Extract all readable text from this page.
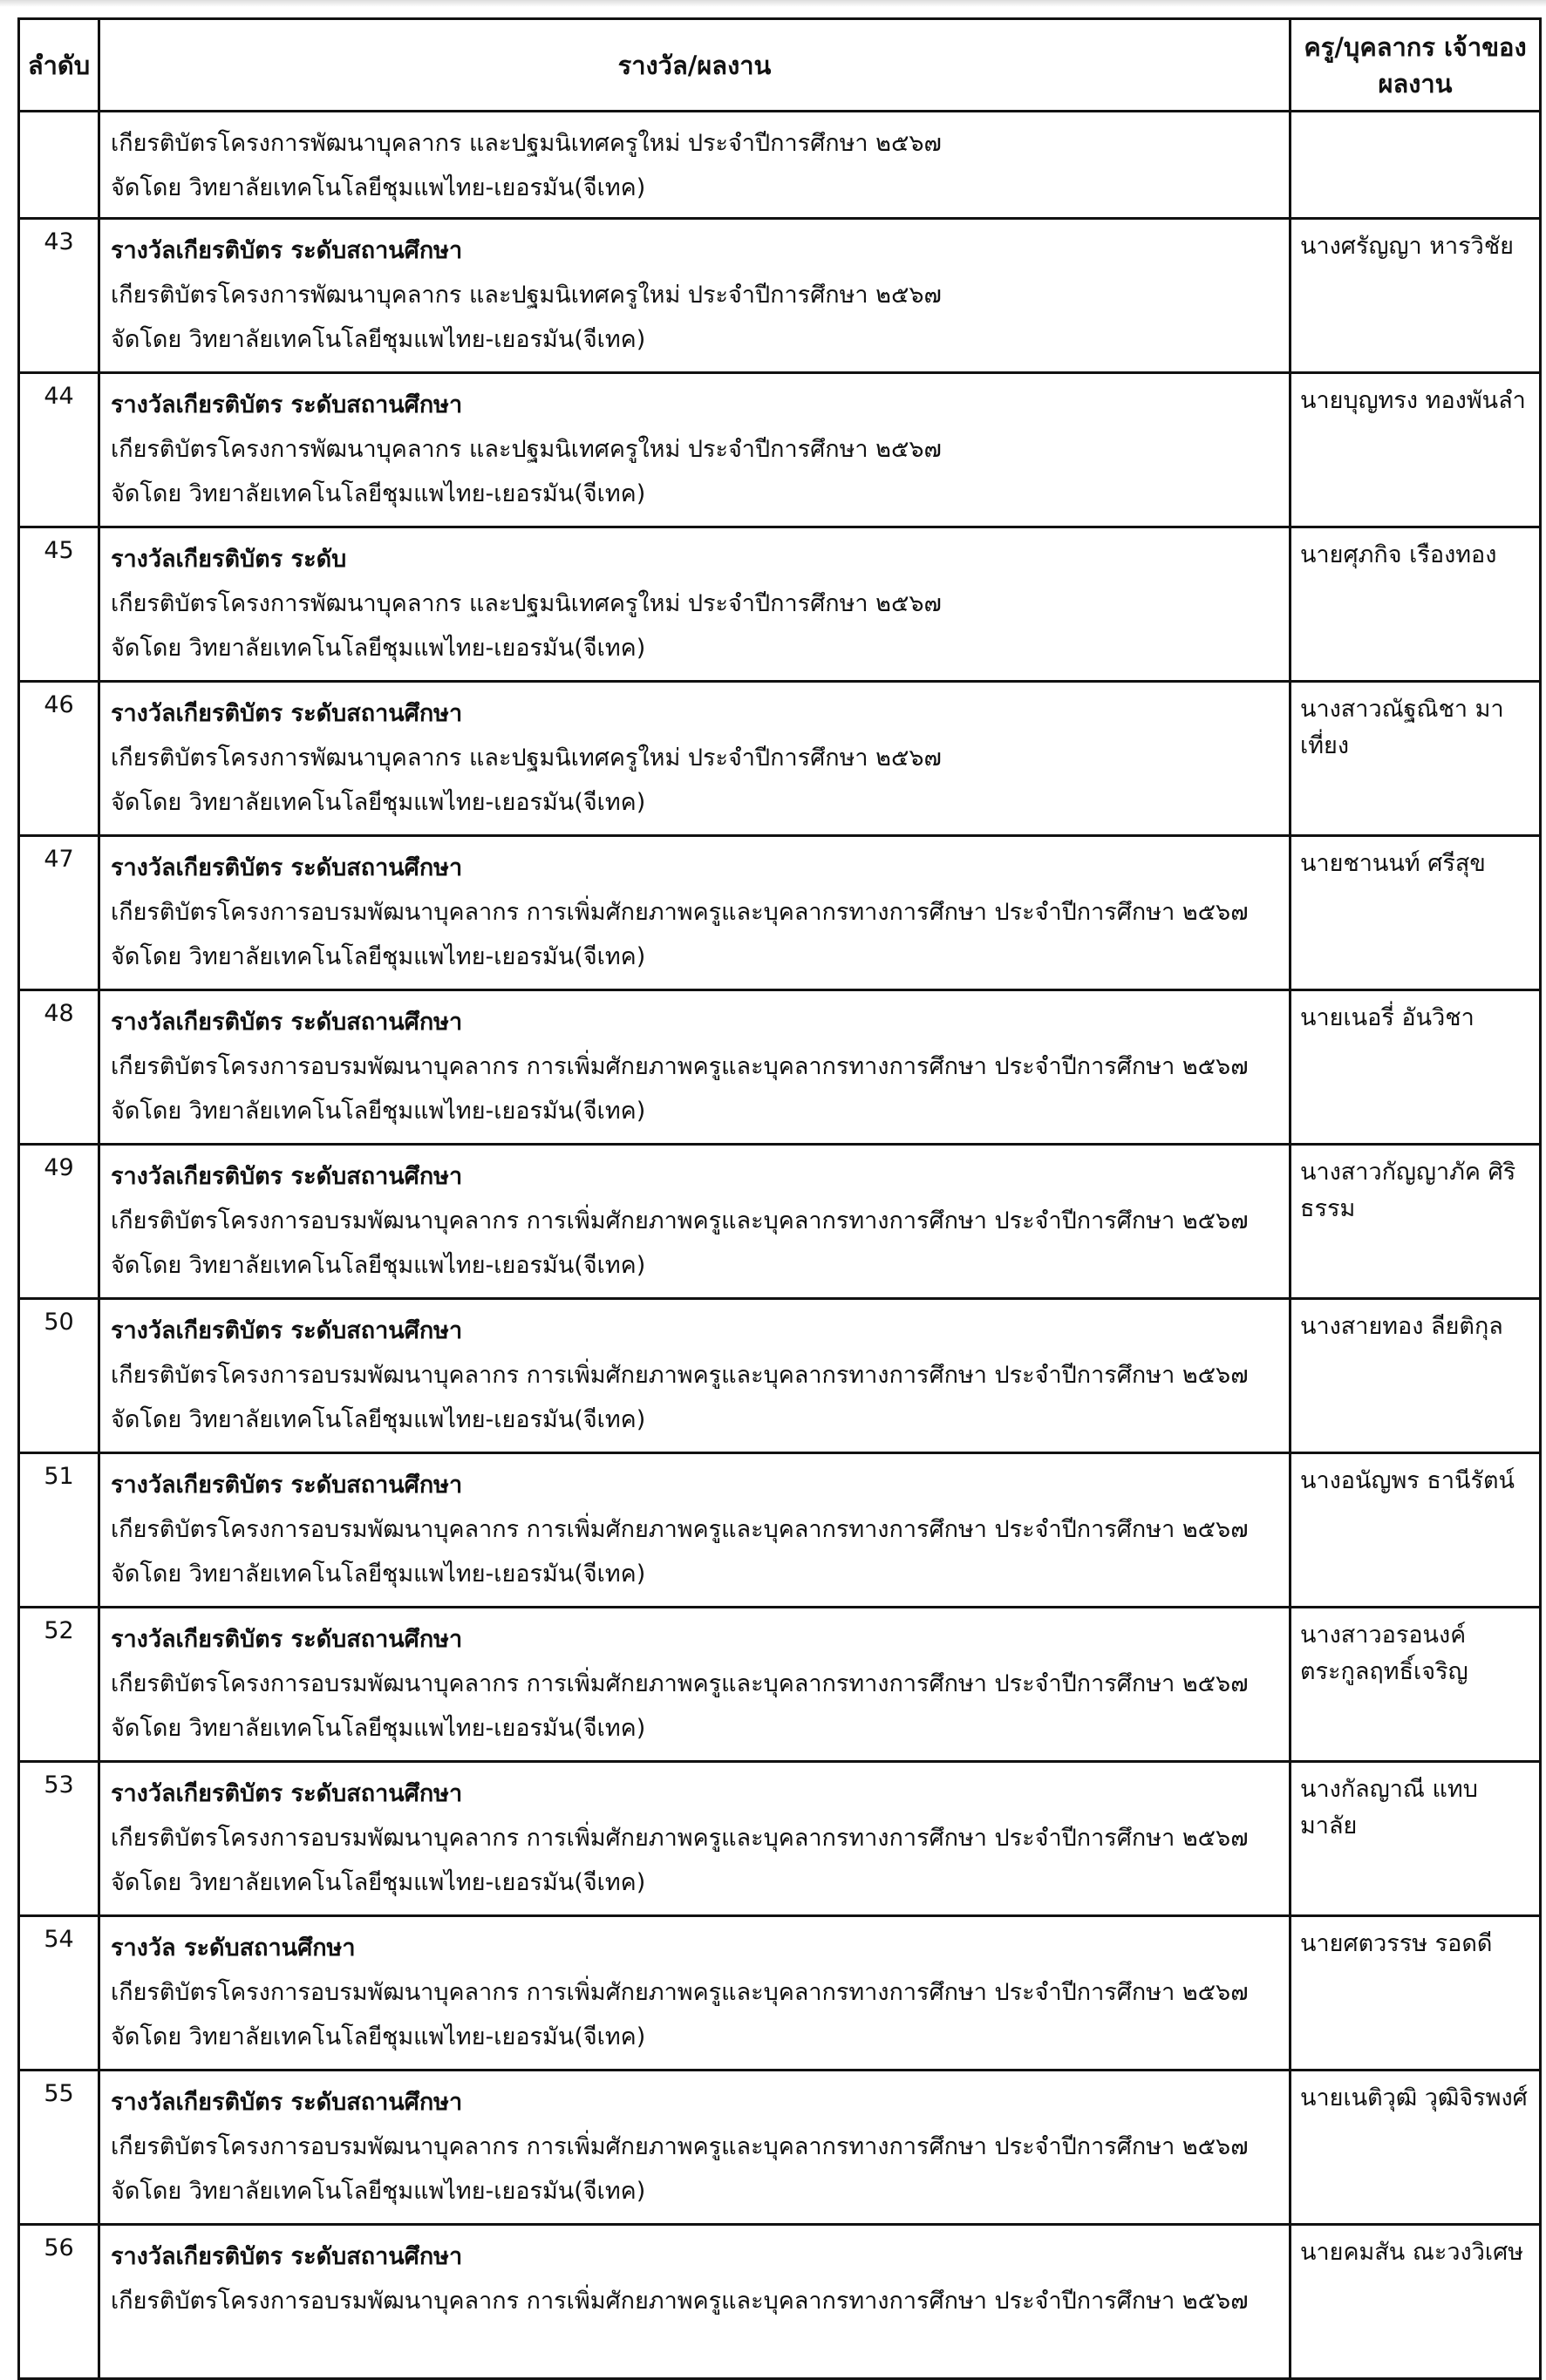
ลำดับ	รางวัล/ผลงาน	ครู/บุคลากร เจ้าของผลงาน

	เกียรติบัตรโครงการพัฒนาบุคลากร และปฐมนิเทศครูใหม่ ประจำปีการศึกษา ๒๕๖๗
จัดโดย วิทยาลัยเทคโนโลยีชุมแพไทย-เยอรมัน(จีเทค)	

43	รางวัลเกียรติบัตร ระดับสถานศึกษา
เกียรติบัตรโครงการพัฒนาบุคลากร และปฐมนิเทศครูใหม่ ประจำปีการศึกษา ๒๕๖๗
จัดโดย วิทยาลัยเทคโนโลยีชุมแพไทย-เยอรมัน(จีเทค)	นางศรัญญา หารวิชัย
44	รางวัลเกียรติบัตร ระดับสถานศึกษา
เกียรติบัตรโครงการพัฒนาบุคลากร และปฐมนิเทศครูใหม่ ประจำปีการศึกษา ๒๕๖๗
จัดโดย วิทยาลัยเทคโนโลยีชุมแพไทย-เยอรมัน(จีเทค)	นายบุญทรง ทองพันลำ
45	รางวัลเกียรติบัตร ระดับ
เกียรติบัตรโครงการพัฒนาบุคลากร และปฐมนิเทศครูใหม่ ประจำปีการศึกษา ๒๕๖๗
จัดโดย วิทยาลัยเทคโนโลยีชุมแพไทย-เยอรมัน(จีเทค)	นายศุภกิจ เรืองทอง
46	รางวัลเกียรติบัตร ระดับสถานศึกษา
เกียรติบัตรโครงการพัฒนาบุคลากร และปฐมนิเทศครูใหม่ ประจำปีการศึกษา ๒๕๖๗
จัดโดย วิทยาลัยเทคโนโลยีชุมแพไทย-เยอรมัน(จีเทค)	นางสาวณัฐณิชา มาเที่ยง
47	รางวัลเกียรติบัตร ระดับสถานศึกษา
เกียรติบัตรโครงการอบรมพัฒนาบุคลากร การเพิ่มศักยภาพครูและบุคลากรทางการศึกษา ประจำปีการศึกษา ๒๕๖๗
จัดโดย วิทยาลัยเทคโนโลยีชุมแพไทย-เยอรมัน(จีเทค)	นายชานนท์ ศรีสุข
48	รางวัลเกียรติบัตร ระดับสถานศึกษา
เกียรติบัตรโครงการอบรมพัฒนาบุคลากร การเพิ่มศักยภาพครูและบุคลากรทางการศึกษา ประจำปีการศึกษา ๒๕๖๗
จัดโดย วิทยาลัยเทคโนโลยีชุมแพไทย-เยอรมัน(จีเทค)	นายเนอรี่ อันวิชา
49	รางวัลเกียรติบัตร ระดับสถานศึกษา
เกียรติบัตรโครงการอบรมพัฒนาบุคลากร การเพิ่มศักยภาพครูและบุคลากรทางการศึกษา ประจำปีการศึกษา ๒๕๖๗
จัดโดย วิทยาลัยเทคโนโลยีชุมแพไทย-เยอรมัน(จีเทค)	นางสาวกัญญาภัค ศิริธรรม
50	รางวัลเกียรติบัตร ระดับสถานศึกษา
เกียรติบัตรโครงการอบรมพัฒนาบุคลากร การเพิ่มศักยภาพครูและบุคลากรทางการศึกษา ประจำปีการศึกษา ๒๕๖๗
จัดโดย วิทยาลัยเทคโนโลยีชุมแพไทย-เยอรมัน(จีเทค)	นางสายทอง ลียติกุล
51	รางวัลเกียรติบัตร ระดับสถานศึกษา
เกียรติบัตรโครงการอบรมพัฒนาบุคลากร การเพิ่มศักยภาพครูและบุคลากรทางการศึกษา ประจำปีการศึกษา ๒๕๖๗
จัดโดย วิทยาลัยเทคโนโลยีชุมแพไทย-เยอรมัน(จีเทค)	นางอนัญพร ธานีรัตน์
52	รางวัลเกียรติบัตร ระดับสถานศึกษา
เกียรติบัตรโครงการอบรมพัฒนาบุคลากร การเพิ่มศักยภาพครูและบุคลากรทางการศึกษา ประจำปีการศึกษา ๒๕๖๗
จัดโดย วิทยาลัยเทคโนโลยีชุมแพไทย-เยอรมัน(จีเทค)	นางสาวอรอนงค์ ตระกูลฤทธิ์เจริญ
53	รางวัลเกียรติบัตร ระดับสถานศึกษา
เกียรติบัตรโครงการอบรมพัฒนาบุคลากร การเพิ่มศักยภาพครูและบุคลากรทางการศึกษา ประจำปีการศึกษา ๒๕๖๗
จัดโดย วิทยาลัยเทคโนโลยีชุมแพไทย-เยอรมัน(จีเทค)	นางกัลญาณี แทบมาลัย
54	รางวัล ระดับสถานศึกษา
เกียรติบัตรโครงการอบรมพัฒนาบุคลากร การเพิ่มศักยภาพครูและบุคลากรทางการศึกษา ประจำปีการศึกษา ๒๕๖๗
จัดโดย วิทยาลัยเทคโนโลยีชุมแพไทย-เยอรมัน(จีเทค)	นายศตวรรษ รอดดี
55	รางวัลเกียรติบัตร ระดับสถานศึกษา
เกียรติบัตรโครงการอบรมพัฒนาบุคลากร การเพิ่มศักยภาพครูและบุคลากรทางการศึกษา ประจำปีการศึกษา ๒๕๖๗
จัดโดย วิทยาลัยเทคโนโลยีชุมแพไทย-เยอรมัน(จีเทค)	นายเนติวุฒิ วุฒิจิรพงศ์
56	รางวัลเกียรติบัตร ระดับสถานศึกษา
เกียรติบัตรโครงการอบรมพัฒนาบุคลากร การเพิ่มศักยภาพครูและบุคลากรทางการศึกษา ประจำปีการศึกษา ๒๕๖๗	นายคมสัน ณะวงวิเศษ
